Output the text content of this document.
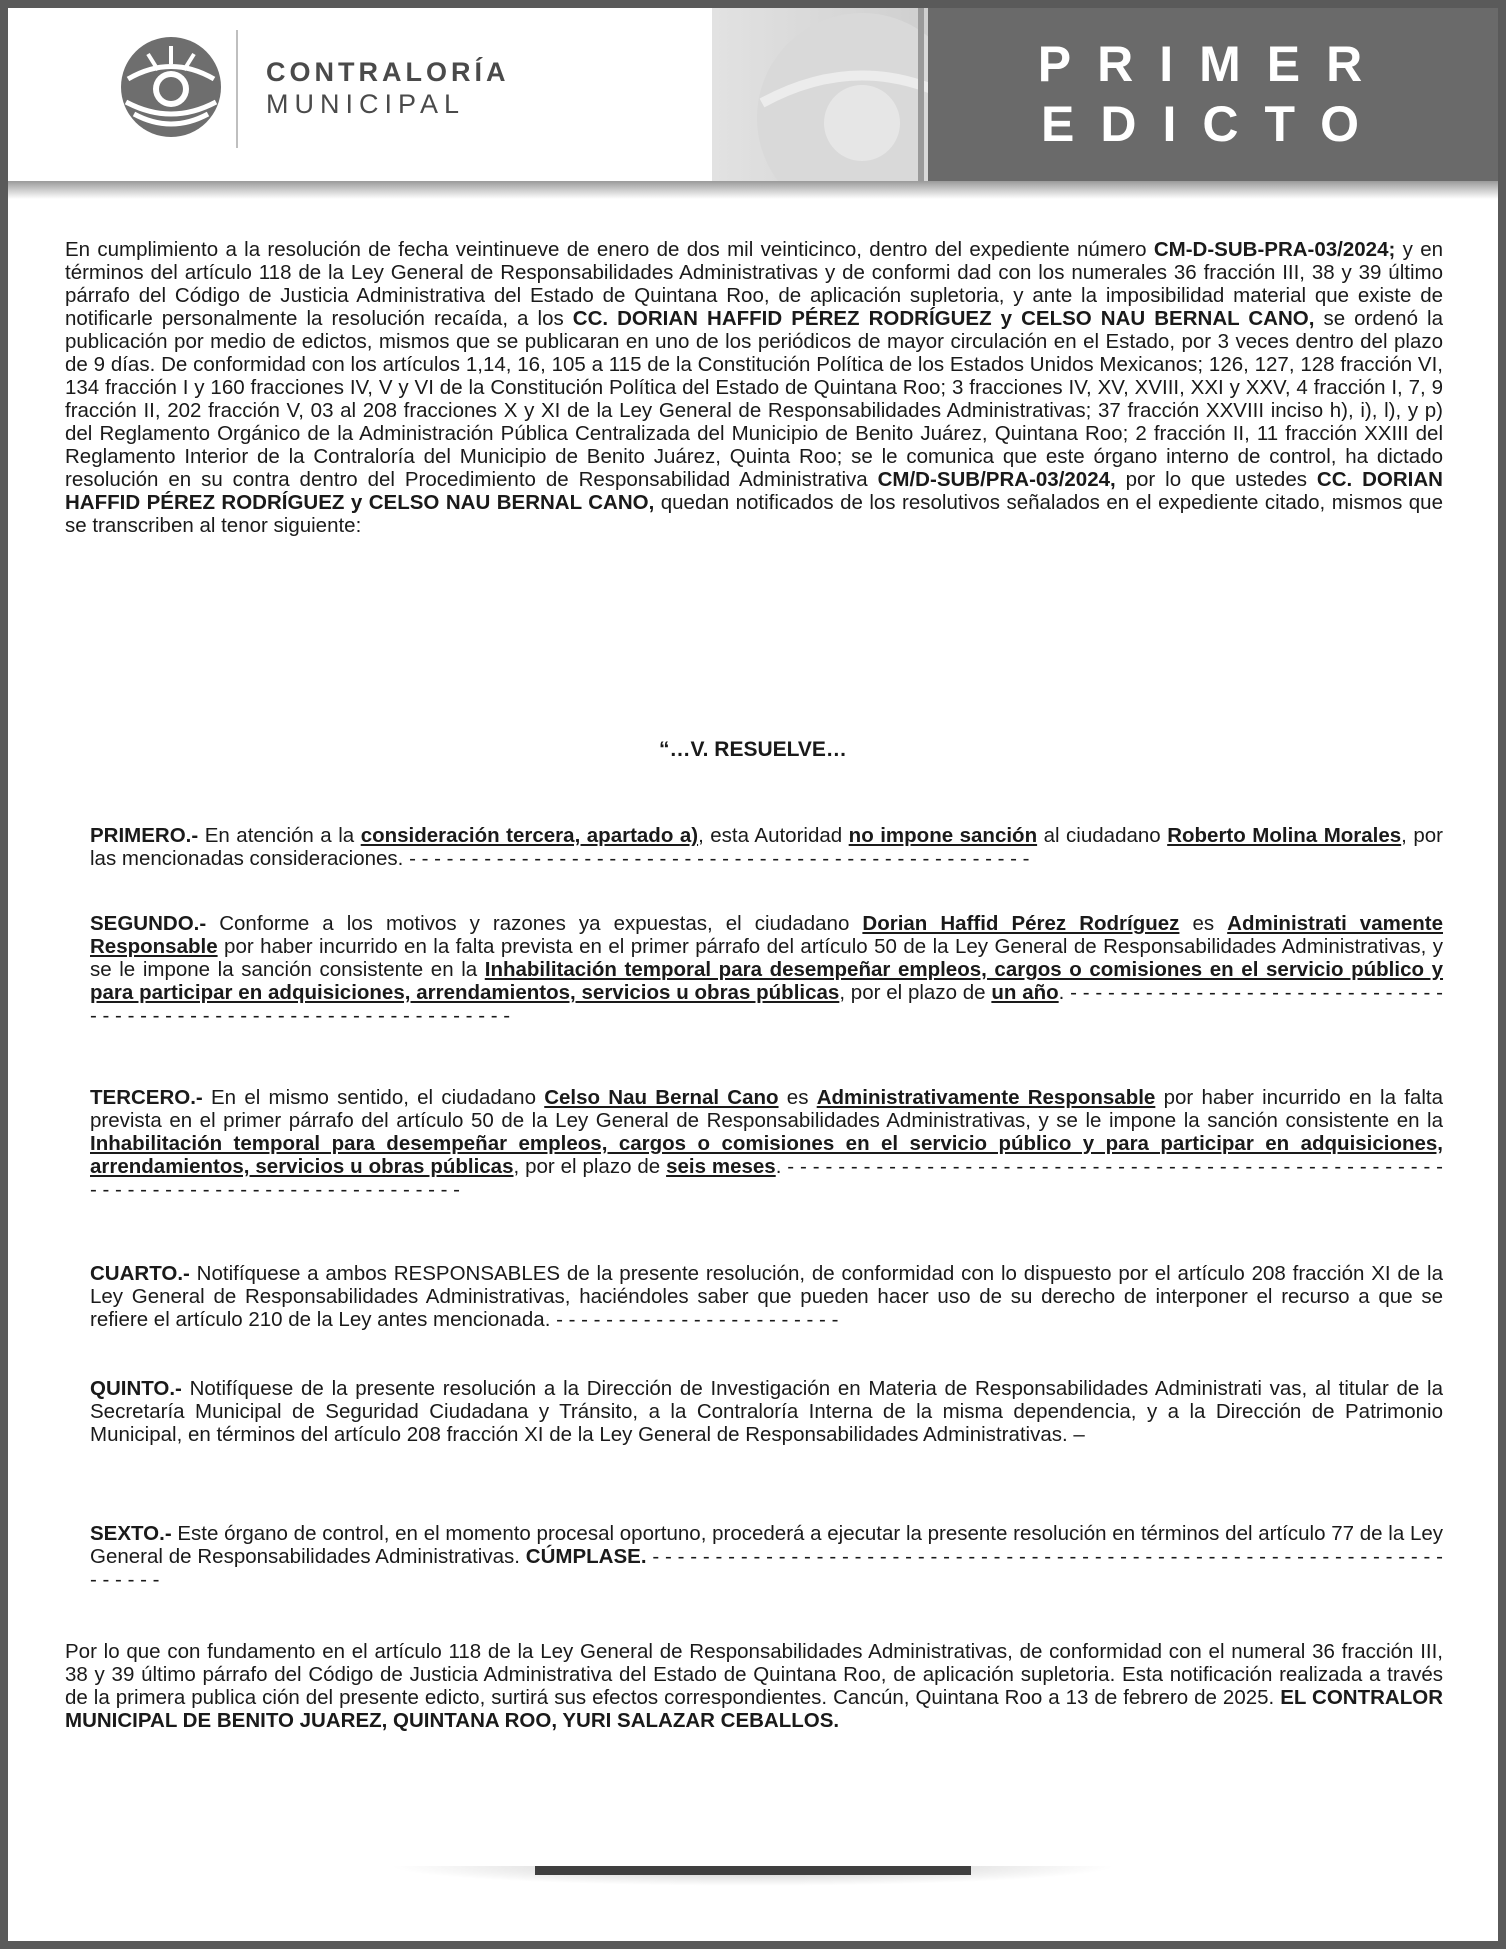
CONTRALORÍA
MUNICIPAL
PRIMER
EDICTO

En cumplimiento a la resolución de fecha veintinueve de enero de dos mil veinticinco, dentro del expediente número CM-D-SUB-PRA-03/2024; y en términos del artículo 118 de la Ley General de Responsabilidades Administrativas y de conformi dad con los numerales 36 fracción III, 38 y 39 último párrafo del Código de Justicia Administrativa del Estado de Quintana Roo, de aplicación supletoria, y ante la imposibilidad material que existe de notificarle personalmente la resolución recaída, a los CC. DORIAN HAFFID PÉREZ RODRÍGUEZ y CELSO NAU BERNAL CANO, se ordenó la publicación por medio de edictos, mismos que se publicaran en uno de los periódicos de mayor circulación en el Estado, por 3 veces dentro del plazo de 9 días. De conformidad con los artículos 1,14, 16, 105 a 115 de la Constitución Política de los Estados Unidos Mexicanos; 126, 127, 128 fracción VI, 134 fracción I y 160 fracciones IV, V y VI de la Constitución Política del Estado de Quintana Roo; 3 fracciones IV, XV, XVIII, XXI y XXV, 4 fracción I, 7, 9 fracción II, 202 fracción V, 03 al 208 fracciones X y XI de la Ley General de Responsabilidades Administrativas; 37 fracción XXVIII inciso h), i), l), y p) del Reglamento Orgánico de la Administración Pública Centralizada del Municipio de Benito Juárez, Quintana Roo; 2 fracción II, 11 fracción XXIII del Reglamento Interior de la Contraloría del Municipio de Benito Juárez, Quinta Roo; se le comunica que este órgano interno de control, ha dictado resolución en su contra dentro del Procedimiento de Responsabilidad Administrativa CM/D-SUB/PRA-03/2024, por lo que ustedes CC. DORIAN HAFFID PÉREZ RODRÍGUEZ y CELSO NAU BERNAL CANO, quedan notificados de los resolutivos señalados en el expediente citado, mismos que se transcriben al tenor siguiente:

“…V. RESUELVE…
PRIMERO.- En atención a la consideración tercera, apartado a), esta Autoridad no impone sanción al ciudadano Roberto Molina Morales, por las mencionadas consideraciones. - - - - - - - - - - - - - - - - - - - - - - - - - - - - - - - - - - - - - - - - - - - - - - - - - -
SEGUNDO.- Conforme a los motivos y razones ya expuestas, el ciudadano Dorian Haffid Pérez Rodríguez es Administrati vamente Responsable por haber incurrido en la falta prevista en el primer párrafo del artículo 50 de la Ley General de Responsabilidades Administrativas, y se le impone la sanción consistente en la Inhabilitación temporal para desempeñar empleos, cargos o comisiones en el servicio público y para participar en adquisiciones, arrendamientos, servicios u obras públicas, por el plazo de un año. - - - - - - - - - - - - - - - - - - - - - - - - - - - - - - - - - - - - - - - - - - - - - - - - - - - - - - - - - - - - - - - -
TERCERO.- En el mismo sentido, el ciudadano Celso Nau Bernal Cano es Administrativamente Responsable por haber incurrido en la falta prevista en el primer párrafo del artículo 50 de la Ley General de Responsabilidades Administrativas, y se le impone la sanción consistente en la Inhabilitación temporal para desempeñar empleos, cargos o comisiones en el servicio público y para participar en adquisiciones, arrendamientos, servicios u obras públicas, por el plazo de seis meses. - - - - - - - - - - - - - - - - - - - - - - - - - - - - - - - - - - - - - - - - - - - - - - - - - - - - - - - - - - - - - - - - - - - - - - - - - - - - - - - - - -
CUARTO.- Notifíquese a ambos RESPONSABLES de la presente resolución, de conformidad con lo dispuesto por el artículo 208 fracción XI de la Ley General de Responsabilidades Administrativas, haciéndoles saber que pueden hacer uso de su derecho de interponer el recurso a que se refiere el artículo 210 de la Ley antes mencionada. - - - - - - - - - - - - - - - - - - - - - - -
QUINTO.- Notifíquese de la presente resolución a la Dirección de Investigación en Materia de Responsabilidades Administrati vas, al titular de la Secretaría Municipal de Seguridad Ciudadana y Tránsito, a la Contraloría Interna de la misma dependencia, y a la Dirección de Patrimonio Municipal, en términos del artículo 208 fracción XI de la Ley General de Responsabilidades Administrativas. –
SEXTO.- Este órgano de control, en el momento procesal oportuno, procederá a ejecutar la presente resolución en términos del artículo 77 de la Ley General de Responsabilidades Administrativas. CÚMPLASE. - - - - - - - - - - - - - - - - - - - - - - - - - - - - - - - - - - - - - - - - - - - - - - - - - - - - - - - - - - - - - - - - - - - - -
Por lo que con fundamento en el artículo 118 de la Ley General de Responsabilidades Administrativas, de conformidad con el numeral 36 fracción III, 38 y 39 último párrafo del Código de Justicia Administrativa del Estado de Quintana Roo, de aplicación supletoria. Esta notificación realizada a través de la primera publica ción del presente edicto, surtirá sus efectos correspondientes. Cancún, Quintana Roo a 13 de febrero de 2025. EL CONTRALOR MUNICIPAL DE BENITO JUAREZ, QUINTANA ROO, YURI SALAZAR CEBALLOS.
